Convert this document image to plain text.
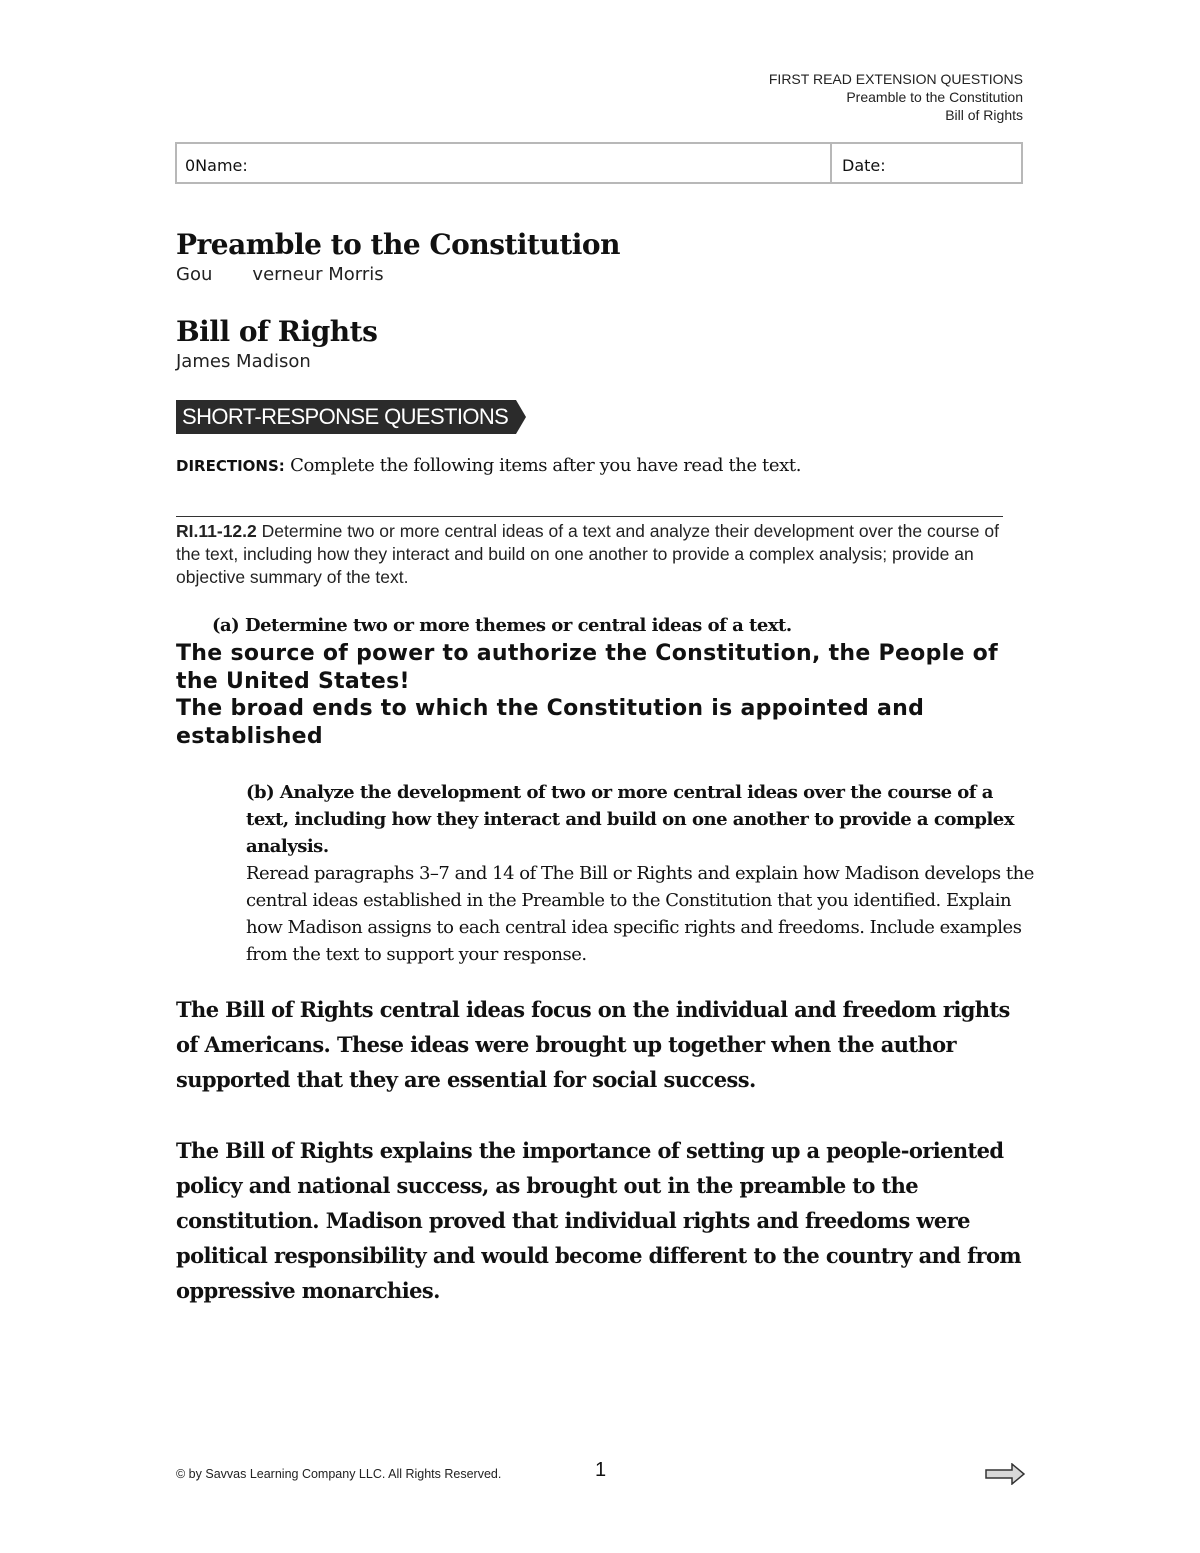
FIRST READ EXTENSION QUESTIONS
Preamble to the Constitution
Bill of Rights
0Name:	Date:
Preamble to the Constitution
Gou       verneur Morris
Bill of Rights
James Madison
SHORT-RESPONSE QUESTIONS
DIRECTIONS: Complete the following items after you have read the text.
RI.11-12.2 Determine two or more central ideas of a text and analyze their development over the course of the text, including how they interact and build on one another to provide a complex analysis; provide an objective summary of the text.
(a) Determine two or more themes or central ideas of a text.
The source of power to authorize the Constitution, the People of the United States!
The broad ends to which the Constitution is appointed and established
(b) Analyze the development of two or more central ideas over the course of a text, including how they interact and build on one another to provide a complex analysis.
Reread paragraphs 3–7 and 14 of The Bill or Rights and explain how Madison develops the central ideas established in the Preamble to the Constitution that you identified. Explain how Madison assigns to each central idea specific rights and freedoms. Include examples from the text to support your response.
The Bill of Rights central ideas focus on the individual and freedom rights of Americans. These ideas were brought up together when the author supported that they are essential for social success.
The Bill of Rights explains the importance of setting up a people-oriented policy and national success, as brought out in the preamble to the constitution. Madison proved that individual rights and freedoms were political responsibility and would become different to the country and from oppressive monarchies.
© by Savvas Learning Company LLC. All Rights Reserved.	1
